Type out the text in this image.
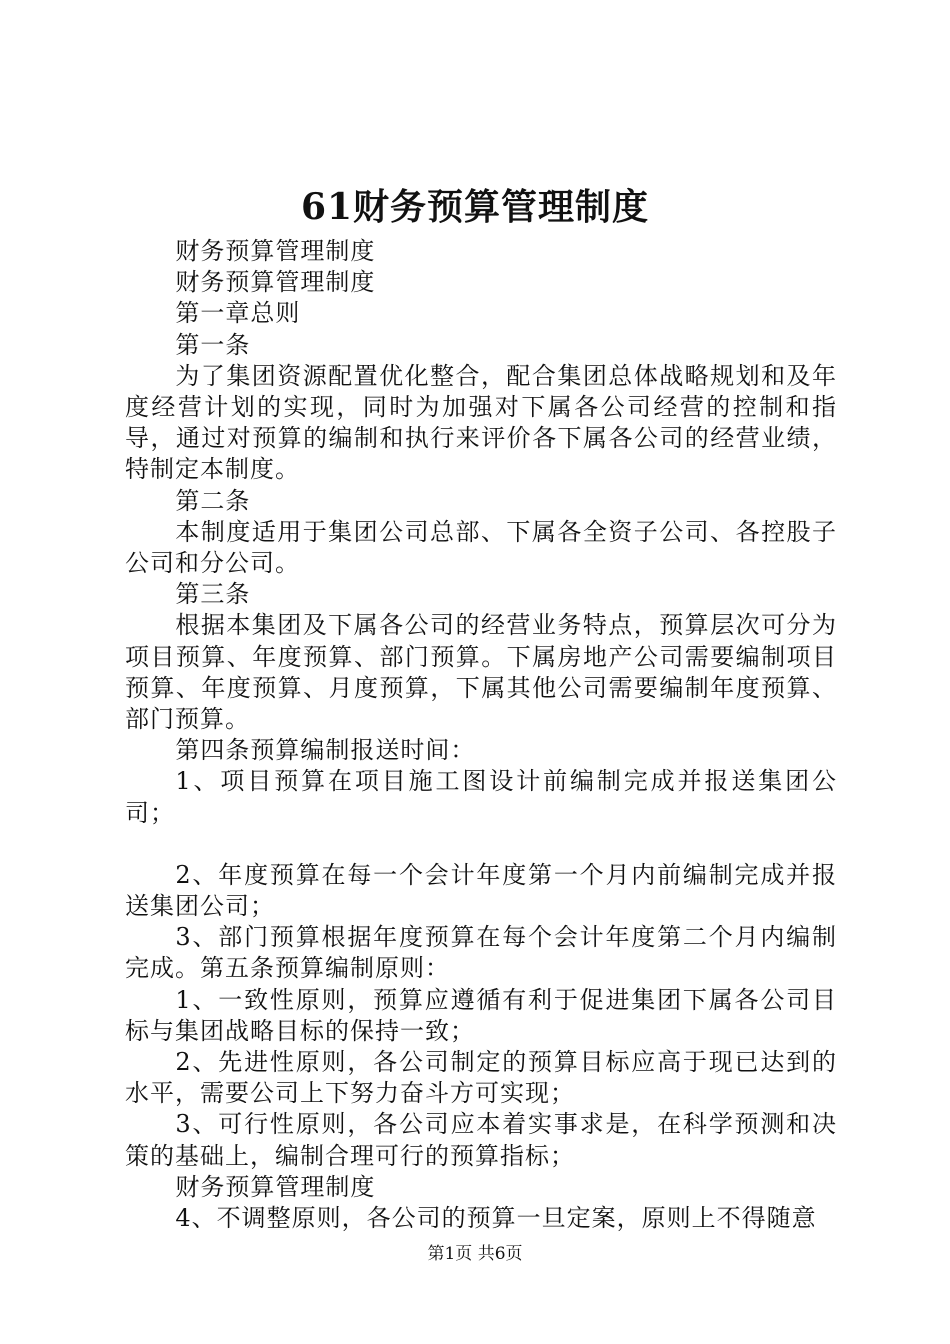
61财务预算管理制度

财务预算管理制度

财务预算管理制度

第一章总则

第一条

为了集团资源配置优化整合，配合集团总体战略规划和及年度经营计划的实现，同时为加强对下属各公司经营的控制和指导，通过对预算的编制和执行来评价各下属各公司的经营业绩，特制定本制度。

第二条

本制度适用于集团公司总部、下属各全资子公司、各控股子公司和分公司。

第三条

根据本集团及下属各公司的经营业务特点，预算层次可分为项目预算、年度预算、部门预算。下属房地产公司需要编制项目预算、年度预算、月度预算，下属其他公司需要编制年度预算、部门预算。

第四条预算编制报送时间：

1、项目预算在项目施工图设计前编制完成并报送集团公司；

2、年度预算在每一个会计年度第一个月内前编制完成并报送集团公司；

3、部门预算根据年度预算在每个会计年度第二个月内编制完成。第五条预算编制原则：

1、一致性原则，预算应遵循有利于促进集团下属各公司目标与集团战略目标的保持一致；

2、先进性原则，各公司制定的预算目标应高于现已达到的水平，需要公司上下努力奋斗方可实现；

3、可行性原则，各公司应本着实事求是，在科学预测和决策的基础上，编制合理可行的预算指标；

财务预算管理制度

4、不调整原则，各公司的预算一旦定案，原则上不得随意

第1页 共6页
